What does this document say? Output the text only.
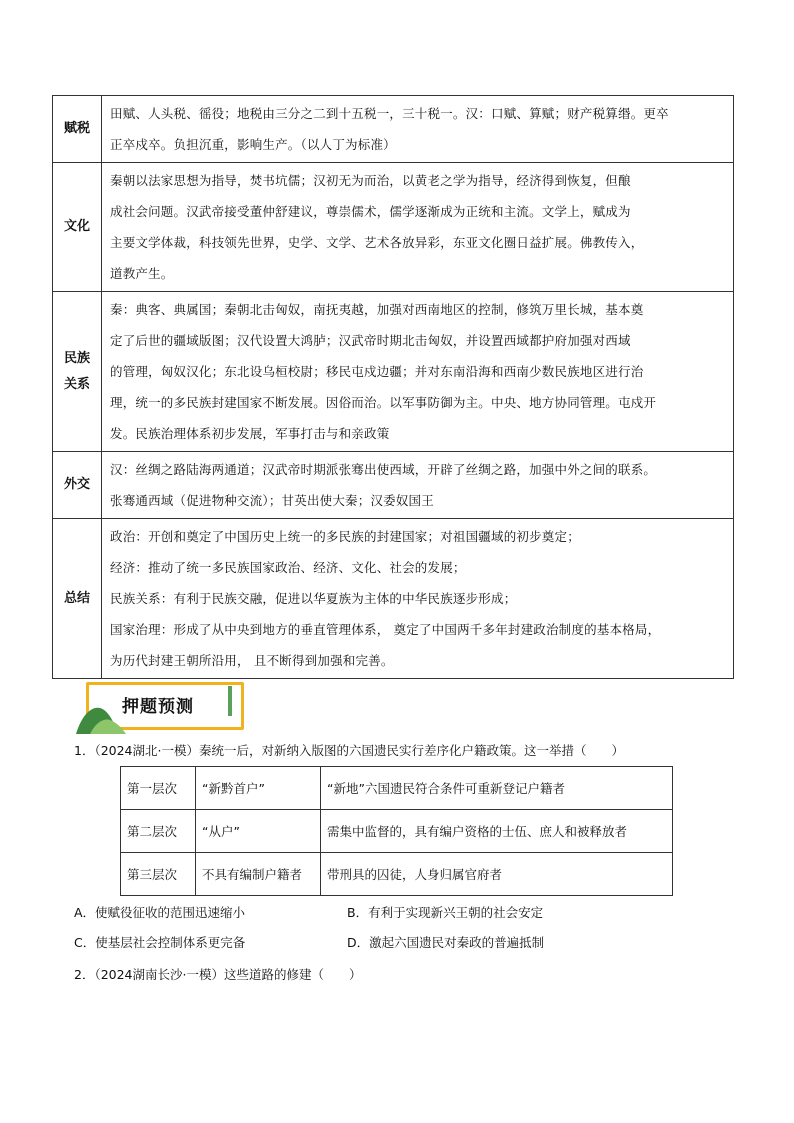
赋税	田赋、人头税、徭役；地税由三分之二到十五税一，三十税一。汉：口赋、算赋；财产税算缗。更卒
正卒戍卒。负担沉重，影响生产。（以人丁为标准）

文化	秦朝以法家思想为指导，焚书坑儒；汉初无为而治，以黄老之学为指导，经济得到恢复，但酿
成社会问题。汉武帝接受董仲舒建议，尊崇儒术，儒学逐渐成为正统和主流。文学上，赋成为
主要文学体裁，科技领先世界，史学、文学、艺术各放异彩，东亚文化圈日益扩展。佛教传入，
道教产生。

民族
关系	秦：典客、典属国；秦朝北击匈奴，南抚夷越，加强对西南地区的控制，修筑万里长城，基本奠
定了后世的疆域版图；汉代设置大鸿胪；汉武帝时期北击匈奴，并设置西域都护府加强对西域
的管理，匈奴汉化；东北设乌桓校尉；移民屯戍边疆；并对东南沿海和西南少数民族地区进行治
理，统一的多民族封建国家不断发展。因俗而治。以军事防御为主。中央、地方协同管理。屯戍开
发。民族治理体系初步发展，军事打击与和亲政策

外交	汉：丝绸之路陆海两通道；汉武帝时期派张骞出使西域，开辟了丝绸之路，加强中外之间的联系。
张骞通西域（促进物种交流）；甘英出使大秦；汉委奴国王

总结	政治：开创和奠定了中国历史上统一的多民族的封建国家；对祖国疆域的初步奠定；
经济：推动了统一多民族国家政治、经济、文化、社会的发展；
民族关系：有利于民族交融，促进以华夏族为主体的中华民族逐步形成；
国家治理：形成了从中央到地方的垂直管理体系， 奠定了中国两千多年封建政治制度的基本格局，
为历代封建王朝所沿用， 且不断得到加强和完善。
押题预测
1．（2024湖北·一模）秦统一后，对新纳入版图的六国遗民实行差序化户籍政策。这一举措（　　）
第一层次	“新黔首户”	“新地”六国遗民符合条件可重新登记户籍者
第二层次	“从户”	需集中监督的，具有编户资格的士伍、庶人和被释放者
第三层次	不具有编制户籍者	带刑具的囚徒，人身归属官府者
A．使赋役征收的范围迅速缩小	B．有利于实现新兴王朝的社会安定
C．使基层社会控制体系更完备	D．激起六国遗民对秦政的普遍抵制
2．（2024湖南长沙·一模）这些道路的修建（　　）
